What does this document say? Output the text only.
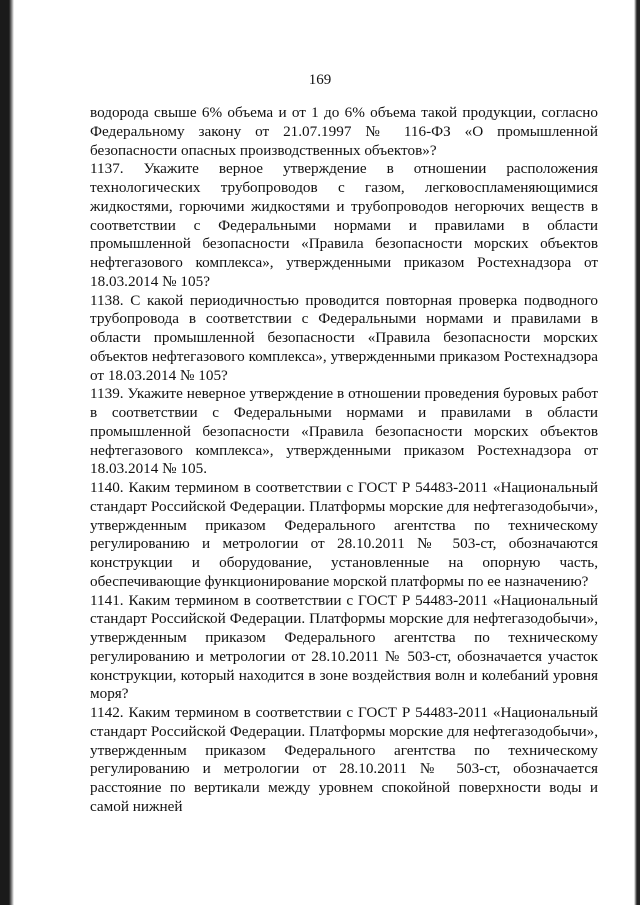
169

водорода свыше 6% объема и от 1 до 6% объема такой продукции, согласно Федеральному закону от 21.07.1997 № 116-ФЗ «О промышленной безопасности опасных производственных объектов»?

1137. Укажите верное утверждение в отношении расположения технологических трубопроводов с газом, легковоспламеняющимися жидкостями, горючими жидкостями и трубопроводов негорючих веществ в соответствии с Федеральными нормами и правилами в области промышленной безопасности «Правила безопасности морских объектов нефтегазового комплекса», утвержденными приказом Ростехнадзора от 18.03.2014 № 105?

1138. С какой периодичностью проводится повторная проверка подводного трубопровода в соответствии с Федеральными нормами и правилами в области промышленной безопасности «Правила безопасности морских объектов нефтегазового комплекса», утвержденными приказом Ростехнадзора от 18.03.2014 № 105?

1139. Укажите неверное утверждение в отношении проведения буровых работ в соответствии с Федеральными нормами и правилами в области промышленной безопасности «Правила безопасности морских объектов нефтегазового комплекса», утвержденными приказом Ростехнадзора от 18.03.2014 № 105.

1140. Каким термином в соответствии с ГОСТ Р 54483-2011 «Национальный стандарт Российской Федерации. Платформы морские для нефтегазодобычи», утвержденным приказом Федерального агентства по техническому регулированию и метрологии от 28.10.2011 № 503-ст, обозначаются конструкции и оборудование, установленные на опорную часть, обеспечивающие функционирование морской платформы по ее назначению?

1141. Каким термином в соответствии с ГОСТ Р 54483-2011 «Национальный стандарт Российской Федерации. Платформы морские для нефтегазодобычи», утвержденным приказом Федерального агентства по техническому регулированию и метрологии от 28.10.2011 № 503-ст, обозначается участок конструкции, который находится в зоне воздействия волн и колебаний уровня моря?

1142. Каким термином в соответствии с ГОСТ Р 54483-2011 «Национальный стандарт Российской Федерации. Платформы морские для нефтегазодобычи», утвержденным приказом Федерального агентства по техническому регулированию и метрологии от 28.10.2011 № 503-ст, обозначается расстояние по вертикали между уровнем спокойной поверхности воды и самой нижней
